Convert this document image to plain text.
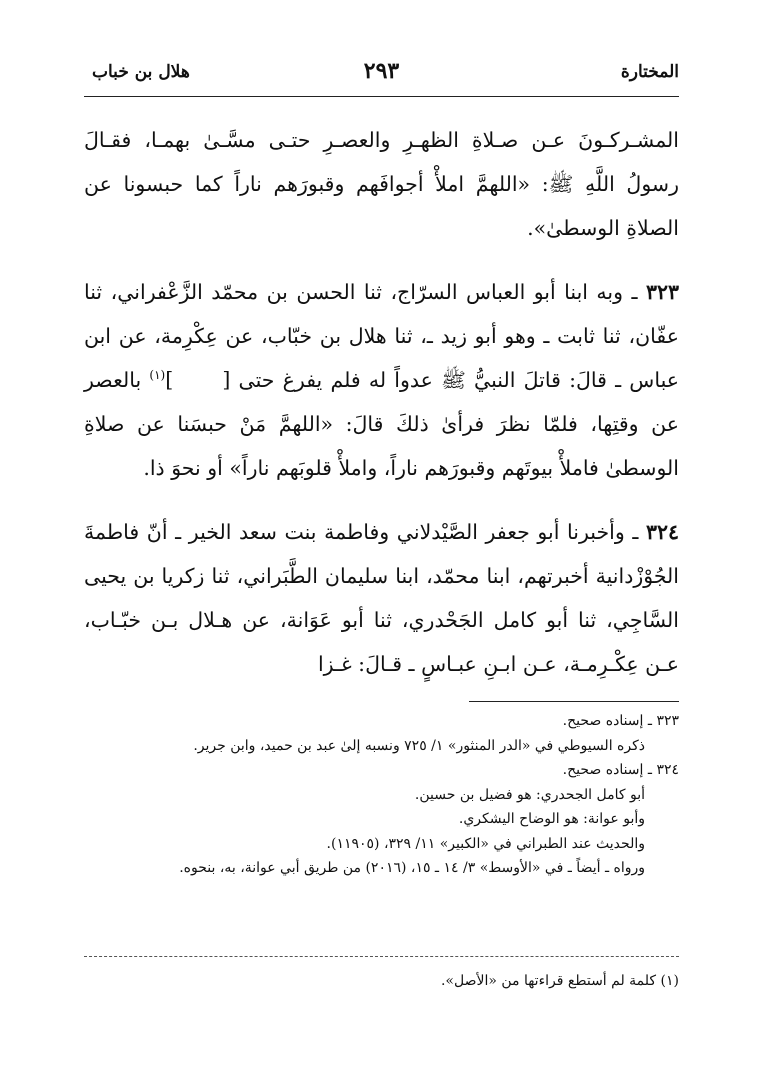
المختارة
٢٩٣
هلال بن خباب

المشـركـونَ عـن صـلاةِ الظهـرِ والعصـرِ حتـى مسَّـىٰ بهمـا، فقـالَ رسولُ اللَّهِ ﷺ: «اللهمَّ املأْ أجوافَهم وقبورَهم ناراً كما حبسونا عن الصلاةِ الوسطىٰ».

٣٢٣ ـ وبه ابنا أبو العباس السرّاج، ثنا الحسن بن محمّد الزَّعْفراني، ثنا عفّان، ثنا ثابت ـ وهو أبو زيد ـ، ثنا هلال بن خبّاب، عن عِكْرِمة، عن ابن عباس ـ قالَ: قاتلَ النبيُّ ﷺ عدواً له فلم يفرغ حتى [      ]$^{(١)}$ بالعصر عن وقتِها، فلمّا نظرَ فرأىٰ ذلكَ قالَ: «اللهمَّ مَنْ حبسَنا عن صلاةِ الوسطىٰ فاملأْ بيوتَهم وقبورَهم ناراً، واملأْ قلوبَهم ناراً» أو نحوَ ذا.

٣٢٤ ـ وأخبرنا أبو جعفر الصَّيْدلاني وفاطمة بنت سعد الخير ـ أنّ فاطمةَ الجُوْزْدانية أخبرتهم، ابنا محمّد، ابنا سليمان الطَّبَراني، ثنا زكريا بن يحيى السَّاجِي، ثنا أبو كامل الجَحْدري، ثنا أبو عَوَانة، عن هـلال بـن خبّـاب، عـن عِكْـرِمـة، عـن ابـنِ عبـاسٍ ـ قـالَ: غـزا

٣٢٣ ـ إسناده صحيح.
ذكره السيوطي في «الدر المنثور» ١/ ٧٢٥ ونسبه إلىٰ عبد بن حميد، وابن جرير.
٣٢٤ ـ إسناده صحيح.
أبو كامل الجحدري: هو فضيل بن حسين.
وأبو عوانة: هو الوضاح اليشكري.
والحديث عند الطبراني في «الكبير» ١١/ ٣٢٩، (١١٩٠٥).
ورواه ـ أيضاً ـ في «الأوسط» ٣/ ١٤ ـ ١٥، (٢٠١٦) من طريق أبي عوانة، به، بنحوه.
(١) كلمة لم أستطع قراءتها من «الأصل».
